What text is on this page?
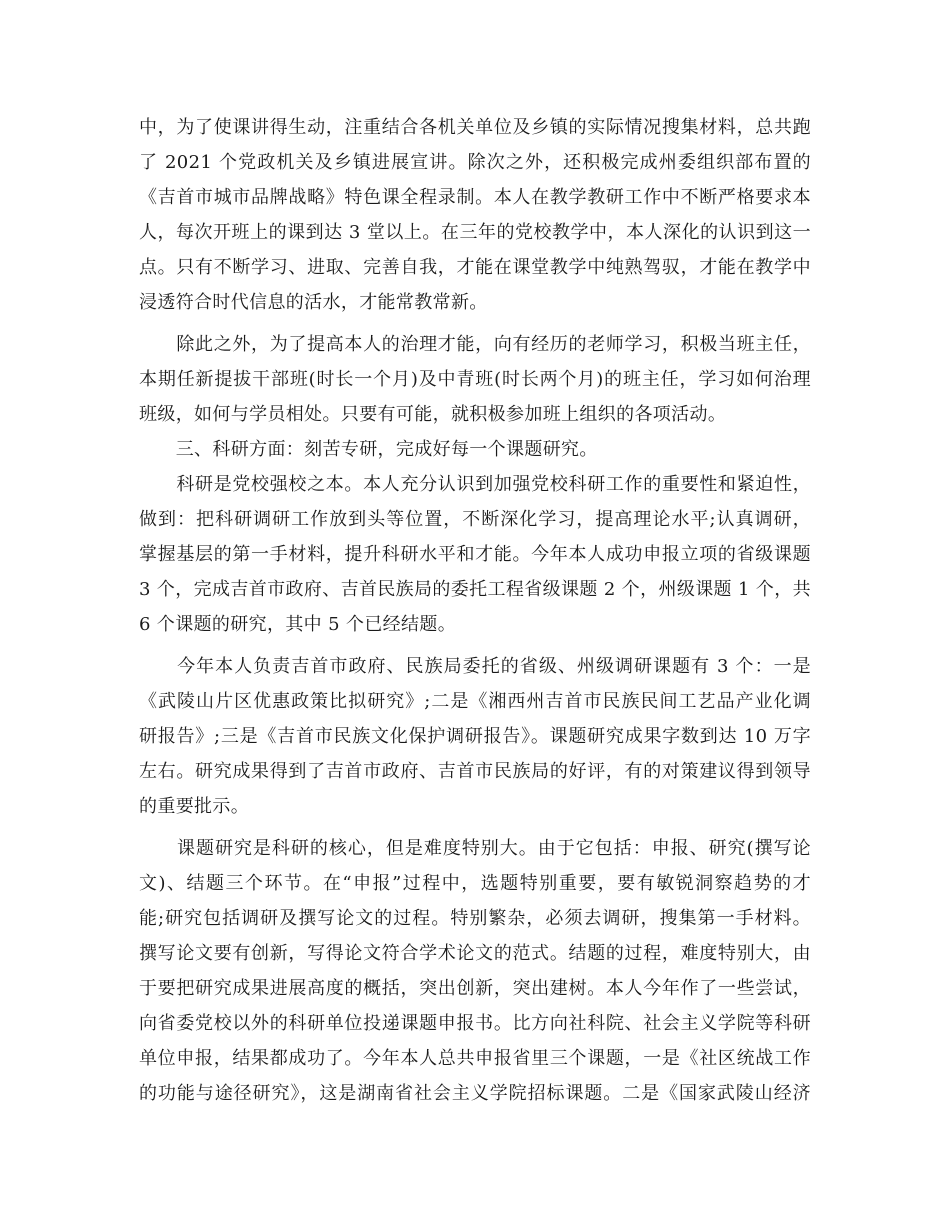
中，为了使课讲得生动，注重结合各机关单位及乡镇的实际情况搜集材料，总共跑
了 2021 个党政机关及乡镇进展宣讲。除次之外，还积极完成州委组织部布置的
《吉首市城市品牌战略》特色课全程录制。本人在教学教研工作中不断严格要求本
人，每次开班上的课到达 3 堂以上。在三年的党校教学中，本人深化的认识到这一
点。只有不断学习、进取、完善自我，才能在课堂教学中纯熟驾驭，才能在教学中
浸透符合时代信息的活水，才能常教常新。
　　除此之外，为了提高本人的治理才能，向有经历的老师学习，积极当班主任，
本期任新提拔干部班(时长一个月)及中青班(时长两个月)的班主任，学习如何治理
班级，如何与学员相处。只要有可能，就积极参加班上组织的各项活动。
　　三、科研方面：刻苦专研，完成好每一个课题研究。
　　科研是党校强校之本。本人充分认识到加强党校科研工作的重要性和紧迫性，
做到：把科研调研工作放到头等位置，不断深化学习，提高理论水平;认真调研，
掌握基层的第一手材料，提升科研水平和才能。今年本人成功申报立项的省级课题
3 个，完成吉首市政府、吉首民族局的委托工程省级课题 2 个，州级课题 1 个，共
6 个课题的研究，其中 5 个已经结题。
　　今年本人负责吉首市政府、民族局委托的省级、州级调研课题有 3 个：一是
《武陵山片区优惠政策比拟研究》;二是《湘西州吉首市民族民间工艺品产业化调
研报告》;三是《吉首市民族文化保护调研报告》。课题研究成果字数到达 10 万字
左右。研究成果得到了吉首市政府、吉首市民族局的好评，有的对策建议得到领导
的重要批示。
　　课题研究是科研的核心，但是难度特别大。由于它包括：申报、研究(撰写论
文)、结题三个环节。在“申报”过程中，选题特别重要，要有敏锐洞察趋势的才
能;研究包括调研及撰写论文的过程。特别繁杂，必须去调研，搜集第一手材料。
撰写论文要有创新，写得论文符合学术论文的范式。结题的过程，难度特别大，由
于要把研究成果进展高度的概括，突出创新，突出建树。本人今年作了一些尝试，
向省委党校以外的科研单位投递课题申报书。比方向社科院、社会主义学院等科研
单位申报，结果都成功了。今年本人总共申报省里三个课题，一是《社区统战工作
的功能与途径研究》，这是湖南省社会主义学院招标课题。二是《国家武陵山经济
